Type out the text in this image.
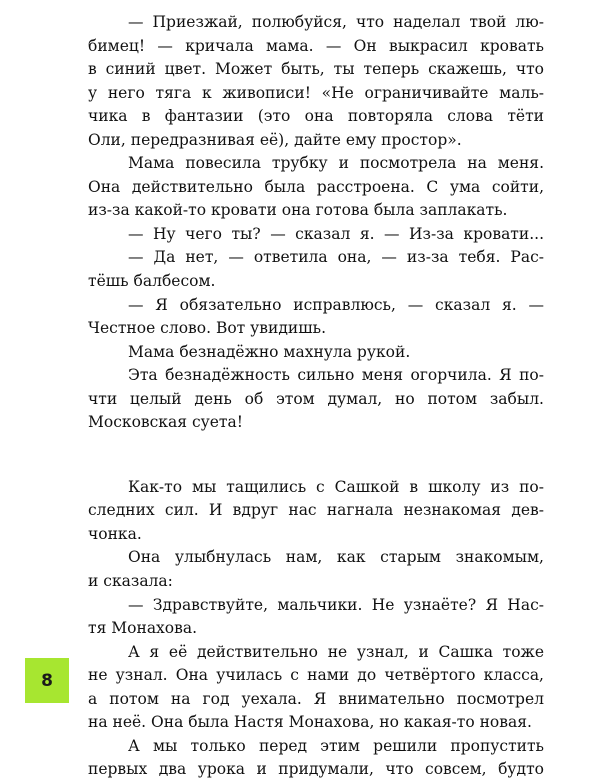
— Приезжай, полюбуйся, что наделал твой лю-
бимец! — кричала мама. — Он выкрасил кровать
в синий цвет. Может быть, ты теперь скажешь, что
у него тяга к живописи! «Не ограничивайте маль-
чика в фантазии (это она повторяла слова тёти
Оли, передразнивая её), дайте ему простор».
Мама повесила трубку и посмотрела на меня.
Она действительно была расстроена. С ума сойти,
из-за какой-то кровати она готова была заплакать.
— Ну чего ты? — сказал я. — Из-за кровати...
— Да нет, — ответила она, — из-за тебя. Рас-
тёшь балбесом.
— Я обязательно исправлюсь, — сказал я. —
Честное слово. Вот увидишь.
Мама безнадёжно махнула рукой.
Эта безнадёжность сильно меня огорчила. Я по-
чти целый день об этом думал, но потом забыл.
Московская суета!
Как-то мы тащились с Сашкой в школу из по-
следних сил. И вдруг нас нагнала незнакомая дев-
чонка.
Она улыбнулась нам, как старым знакомым,
и сказала:
— Здравствуйте, мальчики. Не узнаёте? Я Нас-
тя Монахова.
А я её действительно не узнал, и Сашка тоже
не узнал. Она училась с нами до четвёртого класса,
а потом на год уехала. Я внимательно посмотрел
на неё. Она была Настя Монахова, но какая-то новая.
А мы только перед этим решили пропустить
первых два урока и придумали, что совсем, будто
8
